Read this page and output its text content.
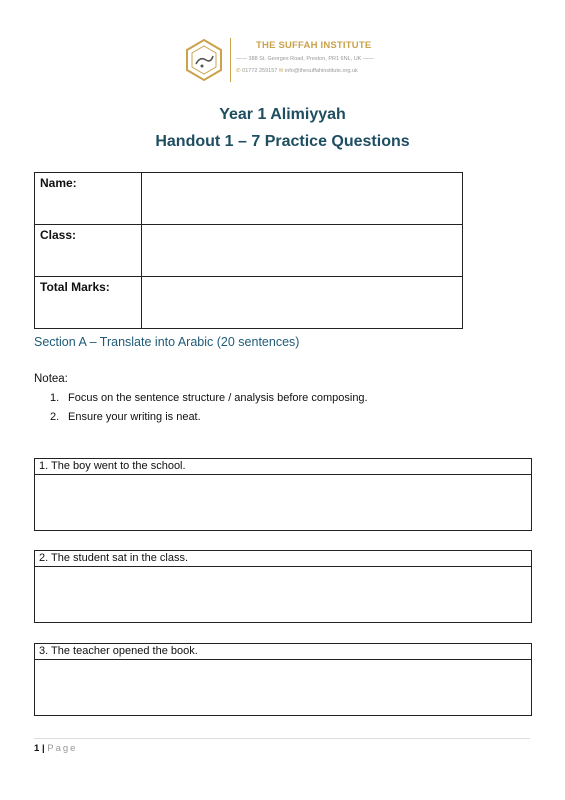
THE SUFFAH INSTITUTE
—— 388 St. Georges Road, Preston, PR1 6NL, UK ——
✆ 01772 259157 ✉ info@thesuffahinstitute.org.uk
Year 1 Alimiyyah
Handout 1 – 7 Practice Questions
Name:	
Class:	
Total Marks:	
Section A – Translate into Arabic (20 sentences)
Notea:
1. Focus on the sentence structure / analysis before composing.
2. Ensure your writing is neat.
1. The boy went to the school.
2. The student sat in the class.
3. The teacher opened the book.
1 | Page
